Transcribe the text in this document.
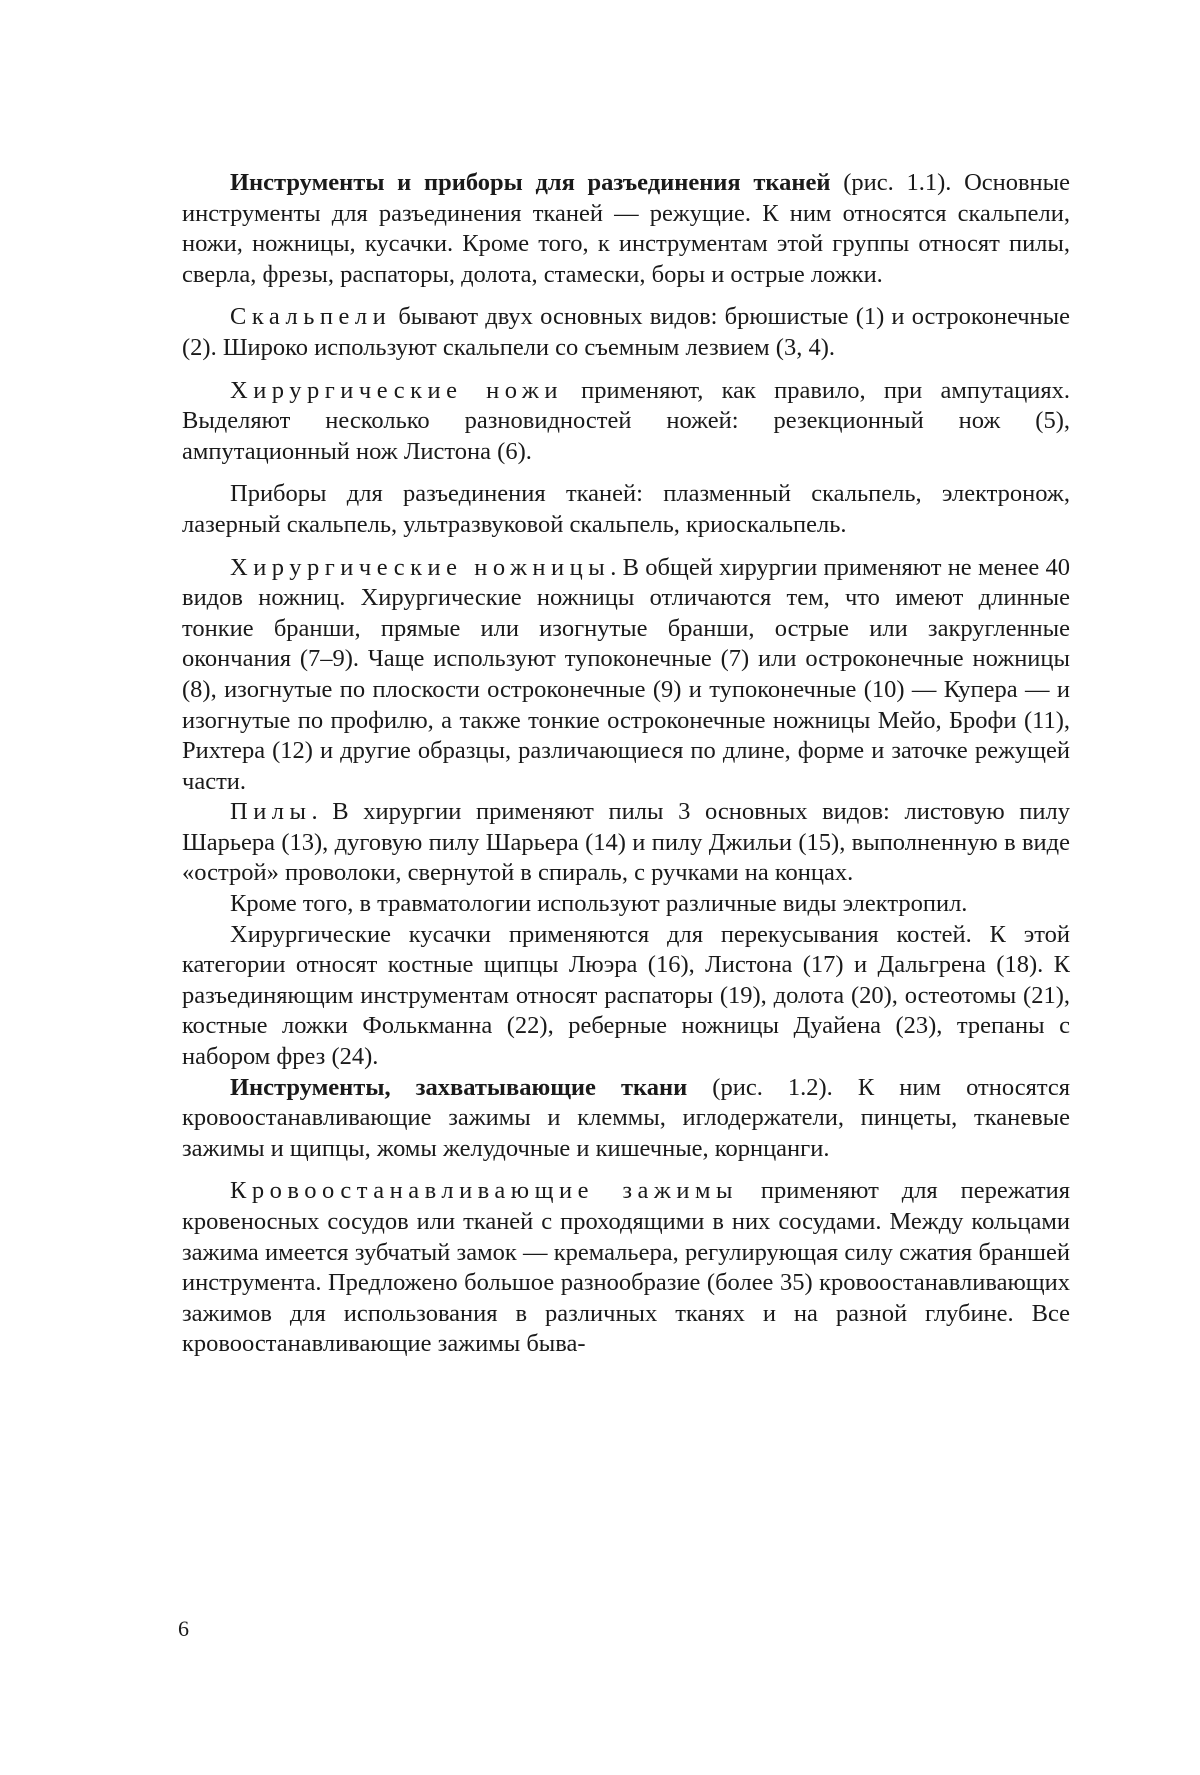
Инструменты и приборы для разъединения тканей (рис. 1.1). Основные инструменты для разъединения тканей — режущие. К ним относятся скальпели, ножи, ножницы, кусачки. Кроме того, к инструментам этой группы относят пилы, сверла, фрезы, распаторы, долота, стамески, боры и острые ложки.

Скальпели бывают двух основных видов: брюшистые (1) и остроконечные (2). Широко используют скальпели со съемным лезвием (3, 4).

Хирургические ножи применяют, как правило, при ампутациях. Выделяют несколько разновидностей ножей: резекционный нож (5), ампутационный нож Листона (6).

Приборы для разъединения тканей: плазменный скальпель, электронож, лазерный скальпель, ультразвуковой скальпель, криоскальпель.

Хирургические ножницы. В общей хирургии применяют не менее 40 видов ножниц. Хирургические ножницы отличаются тем, что имеют длинные тонкие бранши, прямые или изогнутые бранши, острые или закругленные окончания (7–9). Чаще используют тупоконечные (7) или остроконечные ножницы (8), изогнутые по плоскости остроконечные (9) и тупоконечные (10) — Купера — и изогнутые по профилю, а также тонкие остроконечные ножницы Мейо, Брофи (11), Рихтера (12) и другие образцы, различающиеся по длине, форме и заточке режущей части.

Пилы. В хирургии применяют пилы 3 основных видов: листовую пилу Шарьера (13), дуговую пилу Шарьера (14) и пилу Джильи (15), выполненную в виде «острой» проволоки, свернутой в спираль, с ручками на концах.

Кроме того, в травматологии используют различные виды электропил.

Хирургические кусачки применяются для перекусывания костей. К этой категории относят костные щипцы Люэра (16), Листона (17) и Дальгрена (18). К разъединяющим инструментам относят распаторы (19), долота (20), остеотомы (21), костные ложки Фолькманна (22), реберные ножницы Дуайена (23), трепаны с набором фрез (24).

Инструменты, захватывающие ткани (рис. 1.2). К ним относятся кровоостанавливающие зажимы и клеммы, иглодержатели, пинцеты, тканевые зажимы и щипцы, жомы желудочные и кишечные, корнцанги.

Кровоостанавливающие зажимы применяют для пережатия кровеносных сосудов или тканей с проходящими в них сосудами. Между кольцами зажима имеется зубчатый замок — кремальера, регулирующая силу сжатия браншей инструмента. Предложено большое разнообразие (более 35) кровоостанавливающих зажимов для использования в различных тканях и на разной глубине. Все кровоостанавливающие зажимы быва-

6
